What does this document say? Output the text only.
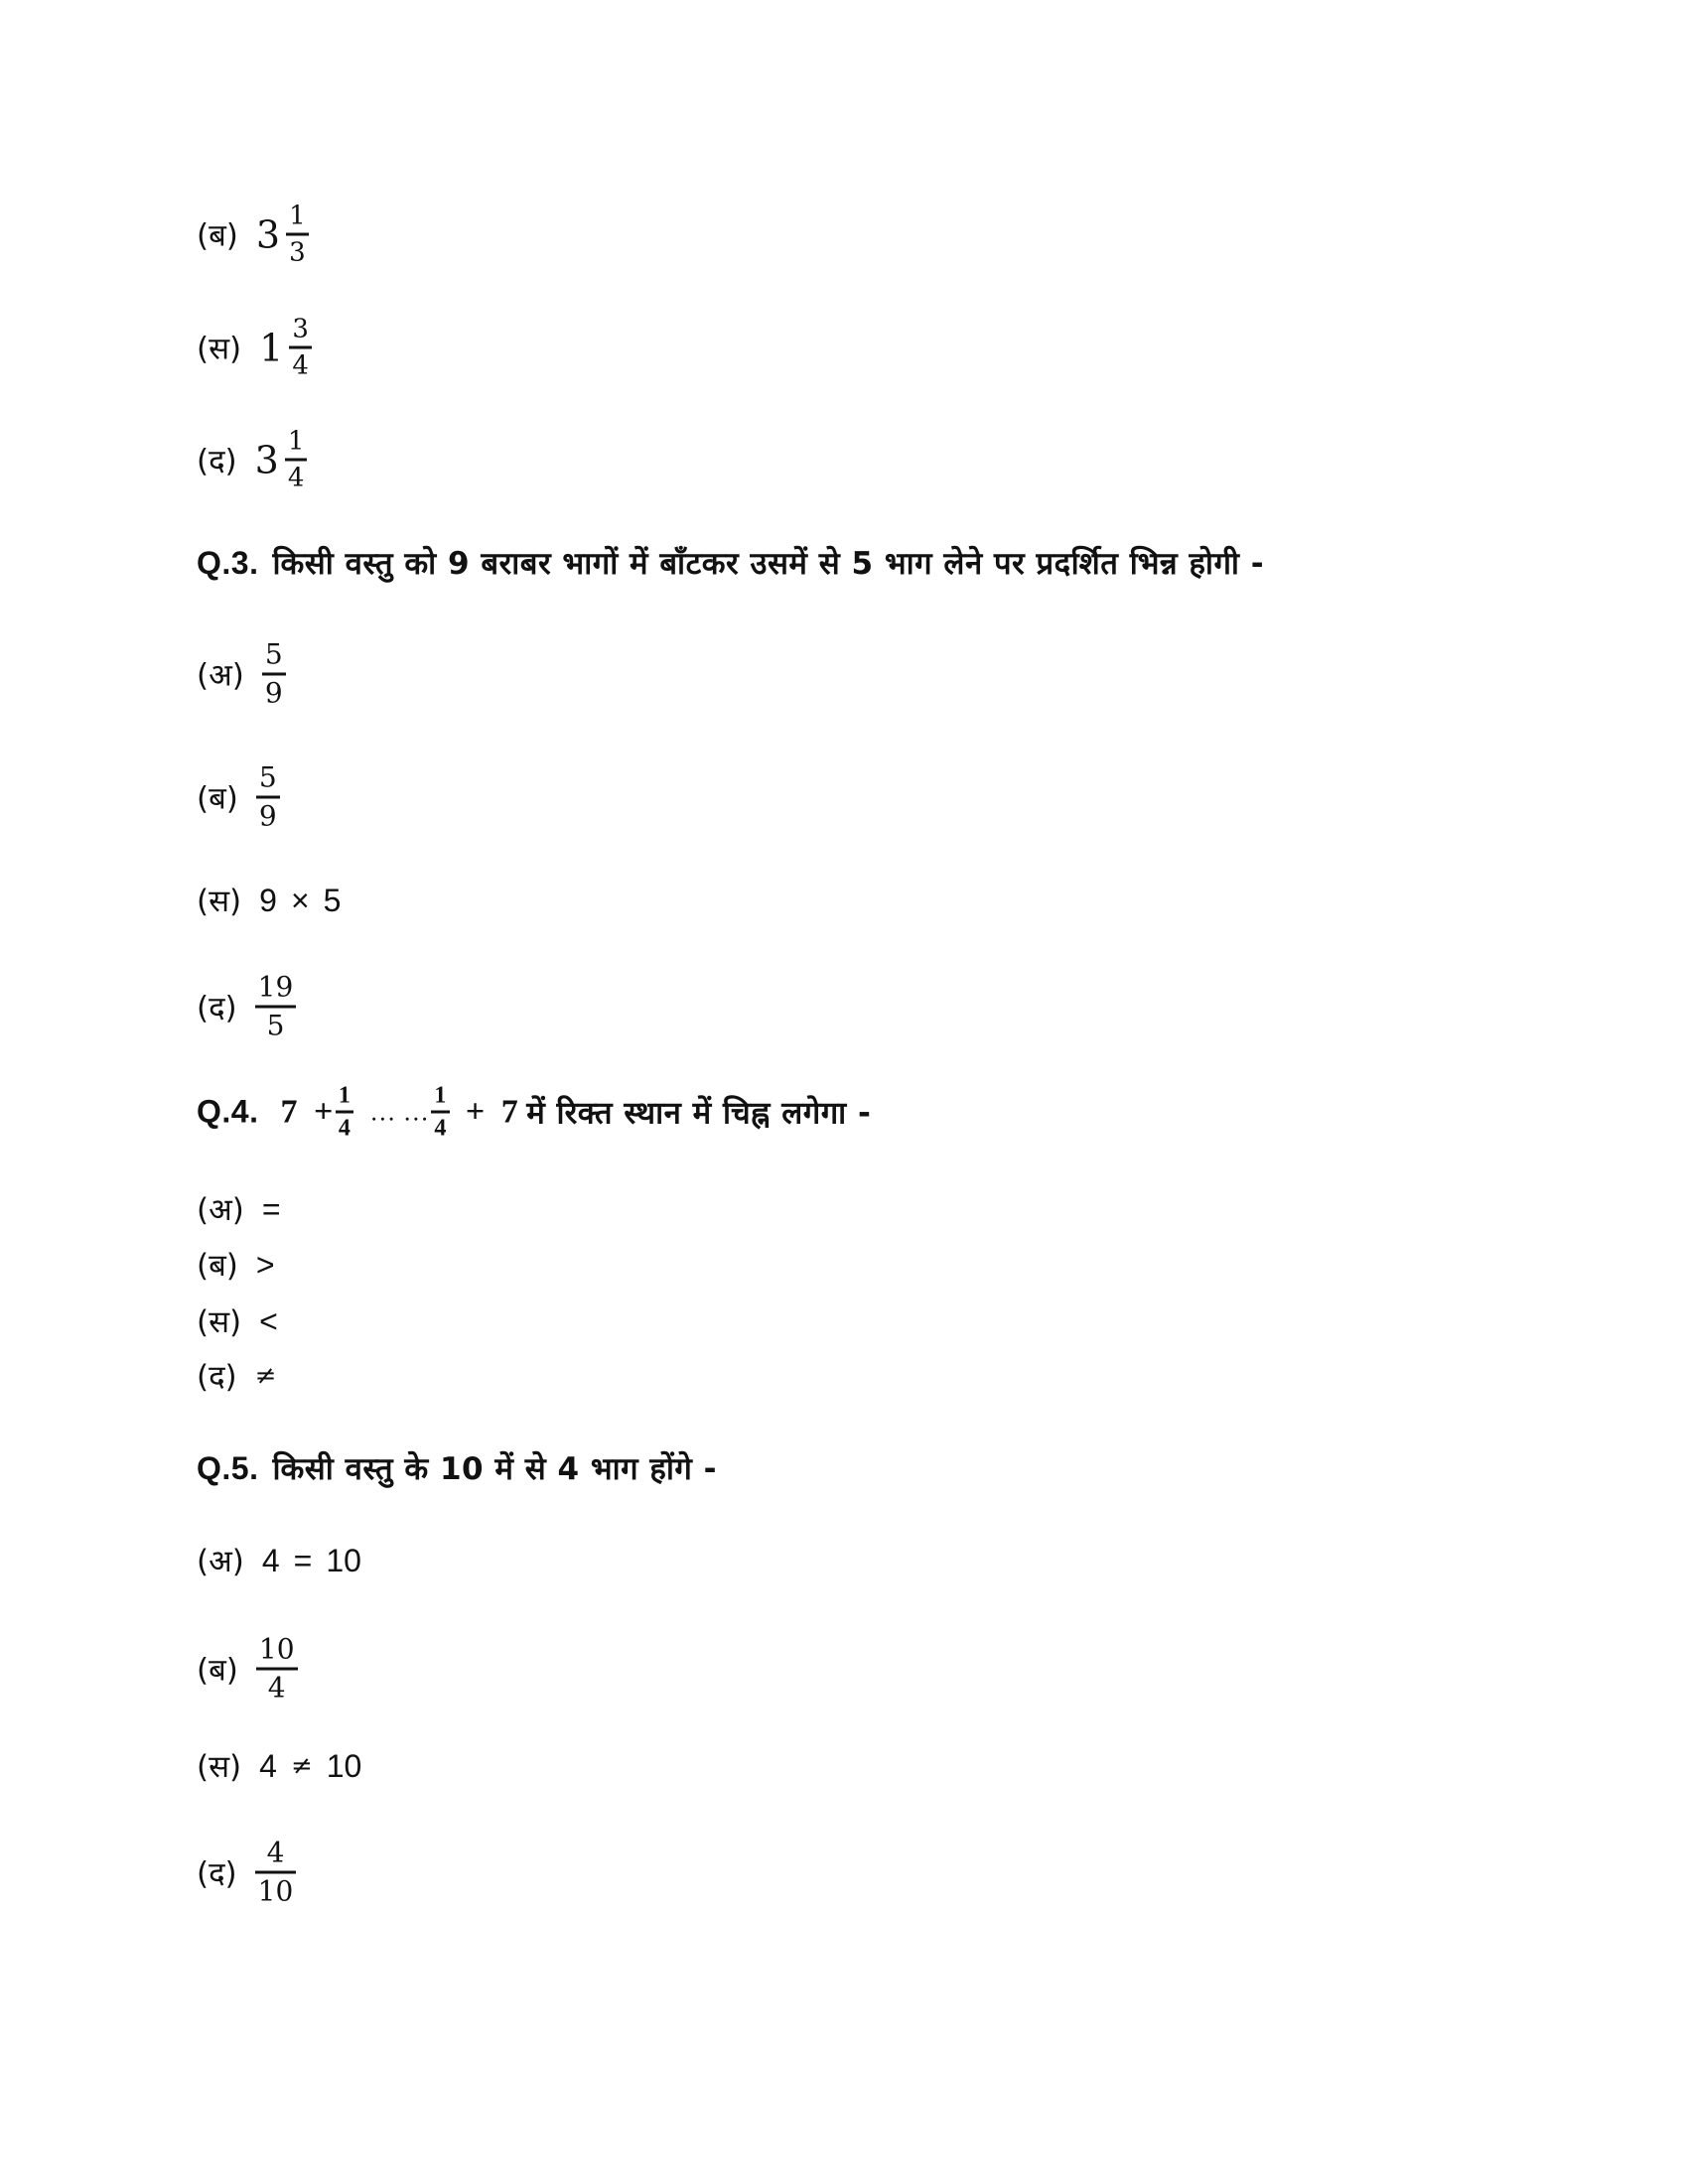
(ब) $3 \frac{1}{3}$
(स) $1 \frac{3}{4}$
(द) $3 \frac{1}{4}$
Q.3. किसी वस्तु को 9 बराबर भागों में बाँटकर उसमें से 5 भाग लेने पर प्रदर्शित भिन्न होगी -
(अ) $\frac{5}{9}$
(ब) $\frac{5}{9}$
(स) 9 × 5
(द) $\frac{19}{5}$
Q.4. $7 + \frac{1}{4}$ … … $\frac{1}{4} + 7$ में रिक्त स्थान में चिह्न लगेगा -
(अ) =
(ब) >
(स) <
(द) ≠
Q.5. किसी वस्तु के 10 में से 4 भाग होंगे -
(अ) 4 = 10
(ब) $\frac{10}{4}$
(स) 4 ≠ 10
(द) $\frac{4}{10}$
